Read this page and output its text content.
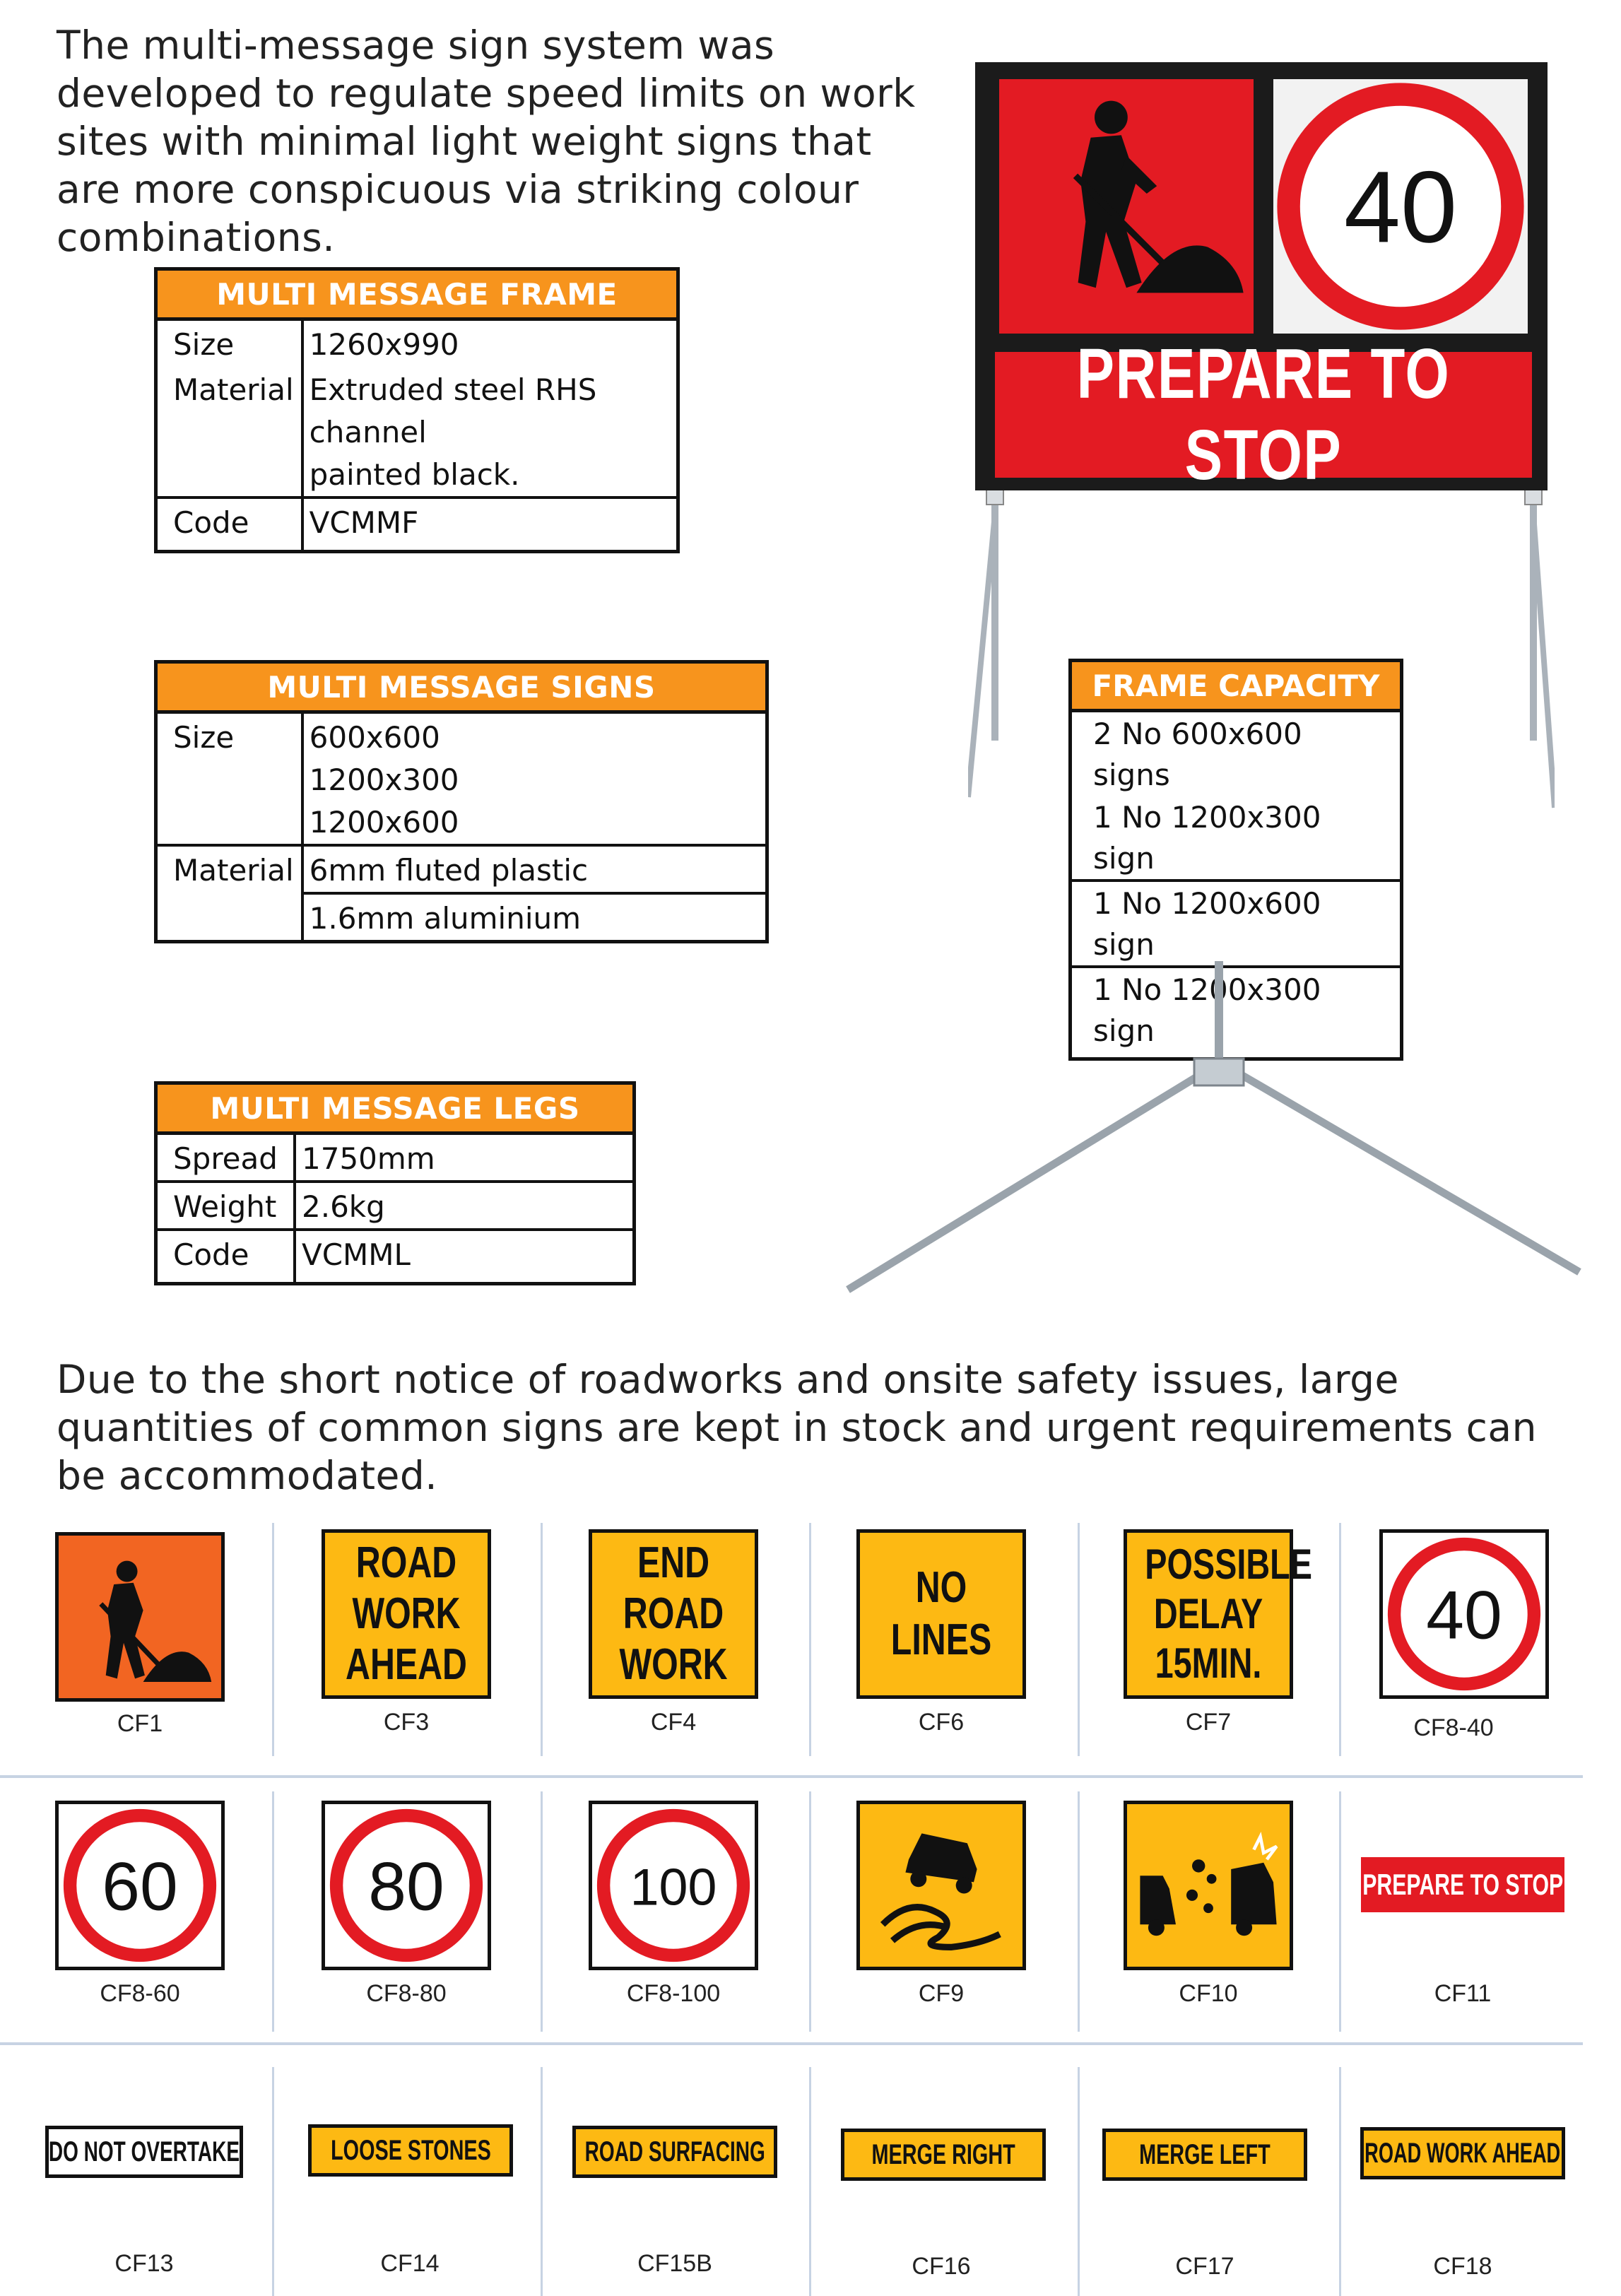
The multi-message sign system was developed to regulate speed limits on work sites with minimal light weight signs that are more conspicuous via striking colour combinations.
MULTI MESSAGE FRAME	
Size	1260x990
Material	Extruded steel RHS channel
painted black.

Code	VCMMF
MULTI MESSAGE SIGNS	
Size	600x600
1200x300
1200x600

Material	6mm fluted plastic
	1.6mm aluminium
MULTI MESSAGE LEGS	
Spread	1750mm
Weight	2.6kg
Code	VCMML
FRAME CAPACITY
2 No 600x600 signs
1 No 1200x300 sign
1 No 1200x600 sign
1 No 1200x300 sign
40
PREPARE TO STOP
Due to the short notice of roadworks and onsite safety issues, large quantities of common signs are kept in stock and urgent requirements can be accommodated.
CF1
ROAD
WORK
AHEAD
CF3
END
ROAD
WORK
CF4
NO
LINES
CF6
POSSIBLE
DELAY
15MIN.
CF7
40
CF8-40
60
CF8-60
80
CF8-80
100
CF8-100	CF9	CF10
PREPARE TO STOP
CF11
DO NOT OVERTAKE
CF13
LOOSE STONES
CF14
ROAD SURFACING
CF15B
MERGE RIGHT
CF16
MERGE LEFT
CF17
ROAD WORK AHEAD
CF18
